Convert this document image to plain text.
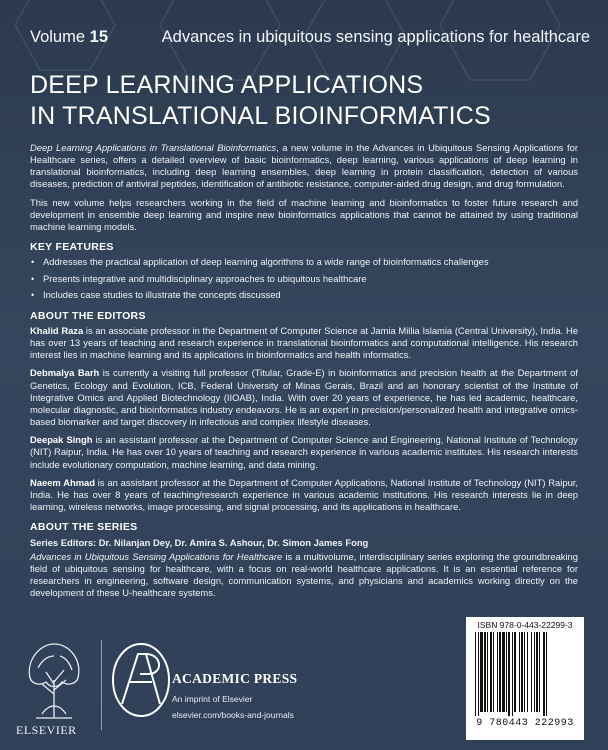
Volume 15	Advances in ubiquitous sensing applications for healthcare
DEEP LEARNING APPLICATIONS
IN TRANSLATIONAL BIOINFORMATICS

Deep Learning Applications in Translational Bioinformatics, a new volume in the Advances in Ubiquitous Sensing Applications for Healthcare series, offers a detailed overview of basic bioinformatics, deep learning, various applications of deep learning in translational bioinformatics, including deep learning ensembles, deep learning in protein classification, detection of various diseases, prediction of antiviral peptides, identification of antibiotic resistance, computer-aided drug design, and drug formulation.

This new volume helps researchers working in the field of machine learning and bioinformatics to foster future research and development in ensemble deep learning and inspire new bioinformatics applications that cannot be attained by using traditional machine learning models.

KEY FEATURES
• Addresses the practical application of deep learning algorithms to a wide range of bioinformatics challenges
• Presents integrative and multidisciplinary approaches to ubiquitous healthcare
• Includes case studies to illustrate the concepts discussed
ABOUT THE EDITORS

Khalid Raza is an associate professor in the Department of Computer Science at Jamia Millia Islamia (Central University), India. He has over 13 years of teaching and research experience in translational bioinformatics and computational intelligence. His research interest lies in machine learning and its applications in bioinformatics and health informatics.

Debmalya Barh is currently a visiting full professor (Titular, Grade-E) in bioinformatics and precision health at the Department of Genetics, Ecology and Evolution, ICB, Federal University of Minas Gerais, Brazil and an honorary scientist of the Institute of Integrative Omics and Applied Biotechnology (IIOAB), India. With over 20 years of experience, he has led academic, healthcare, molecular diagnostic, and bioinformatics industry endeavors. He is an expert in precision/personalized health and integrative omics-based biomarker and target discovery in infectious and complex lifestyle diseases.

Deepak Singh is an assistant professor at the Department of Computer Science and Engineering, National Institute of Technology (NIT) Raipur, India. He has over 10 years of teaching and research experience in various academic institutes. His research interests include evolutionary computation, machine learning, and data mining.

Naeem Ahmad is an assistant professor at the Department of Computer Applications, National Institute of Technology (NIT) Raipur, India. He has over 8 years of teaching/research experience in various academic institutions. His research interests lie in deep learning, wireless networks, image processing, and signal processing, and its applications in healthcare.

ABOUT THE SERIES
Series Editors: Dr. Nilanjan Dey, Dr. Amira S. Ashour, Dr. Simon James Fong

Advances in Ubiquitous Sensing Applications for Healthcare is a multivolume, interdisciplinary series exploring the groundbreaking field of ubiquitous sensing for healthcare, with a focus on real-world healthcare applications. It is an essential reference for researchers in engineering, software design, communication systems, and physicians and academics working directly on the development of these U-healthcare systems.

ELSEVIER
ACADEMIC PRESS
An imprint of Elsevier
elsevier.com/books-and-journals
ISBN 978-0-443-22299-3
9 780443 222993
